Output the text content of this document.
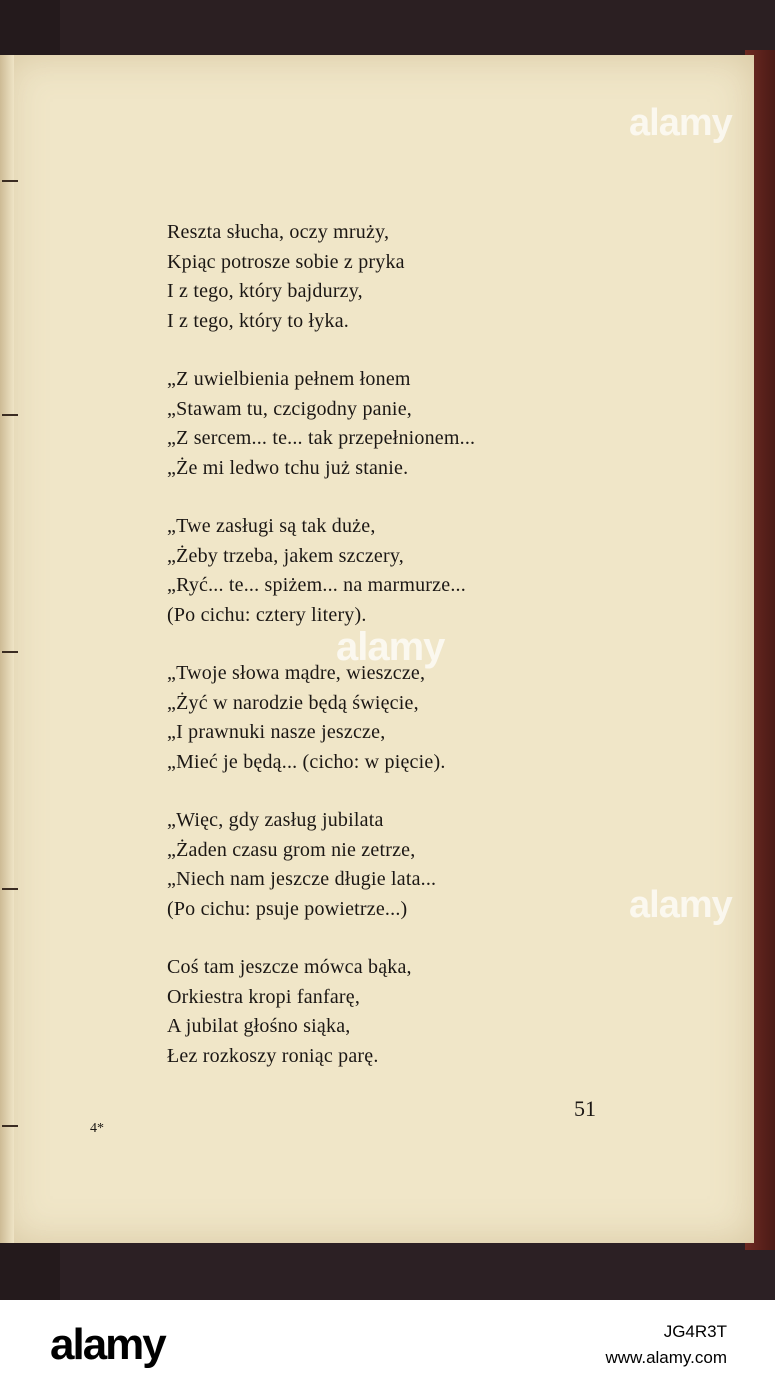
Reszta słucha, oczy mruży,
Kpiąc potrosze sobie z pryka
I z tego, który bajdurzy,
I z tego, który to łyka.
„Z uwielbienia pełnem łonem
„Stawam tu, czcigodny panie,
„Z sercem... te... tak przepełnionem...
„Że mi ledwo tchu już stanie.
„Twe zasługi są tak duże,
„Żeby trzeba, jakem szczery,
„Ryć... te... spiżem... na marmurze...
(Po cichu: cztery litery).
„Twoje słowa mądre, wieszcze,
„Żyć w narodzie będą święcie,
„I prawnuki nasze jeszcze,
„Mieć je będą... (cicho: w pięcie).
„Więc, gdy zasług jubilata
„Żaden czasu grom nie zetrze,
„Niech nam jeszcze długie lata...
(Po cichu: psuje powietrze...)
Coś tam jeszcze mówca bąka,
Orkiestra kropi fanfarę,
A jubilat głośno siąka,
Łez rozkoszy roniąc parę.
51
4*
alamy
alamy
alamy
alamy	JG4R3T
www.alamy.com
